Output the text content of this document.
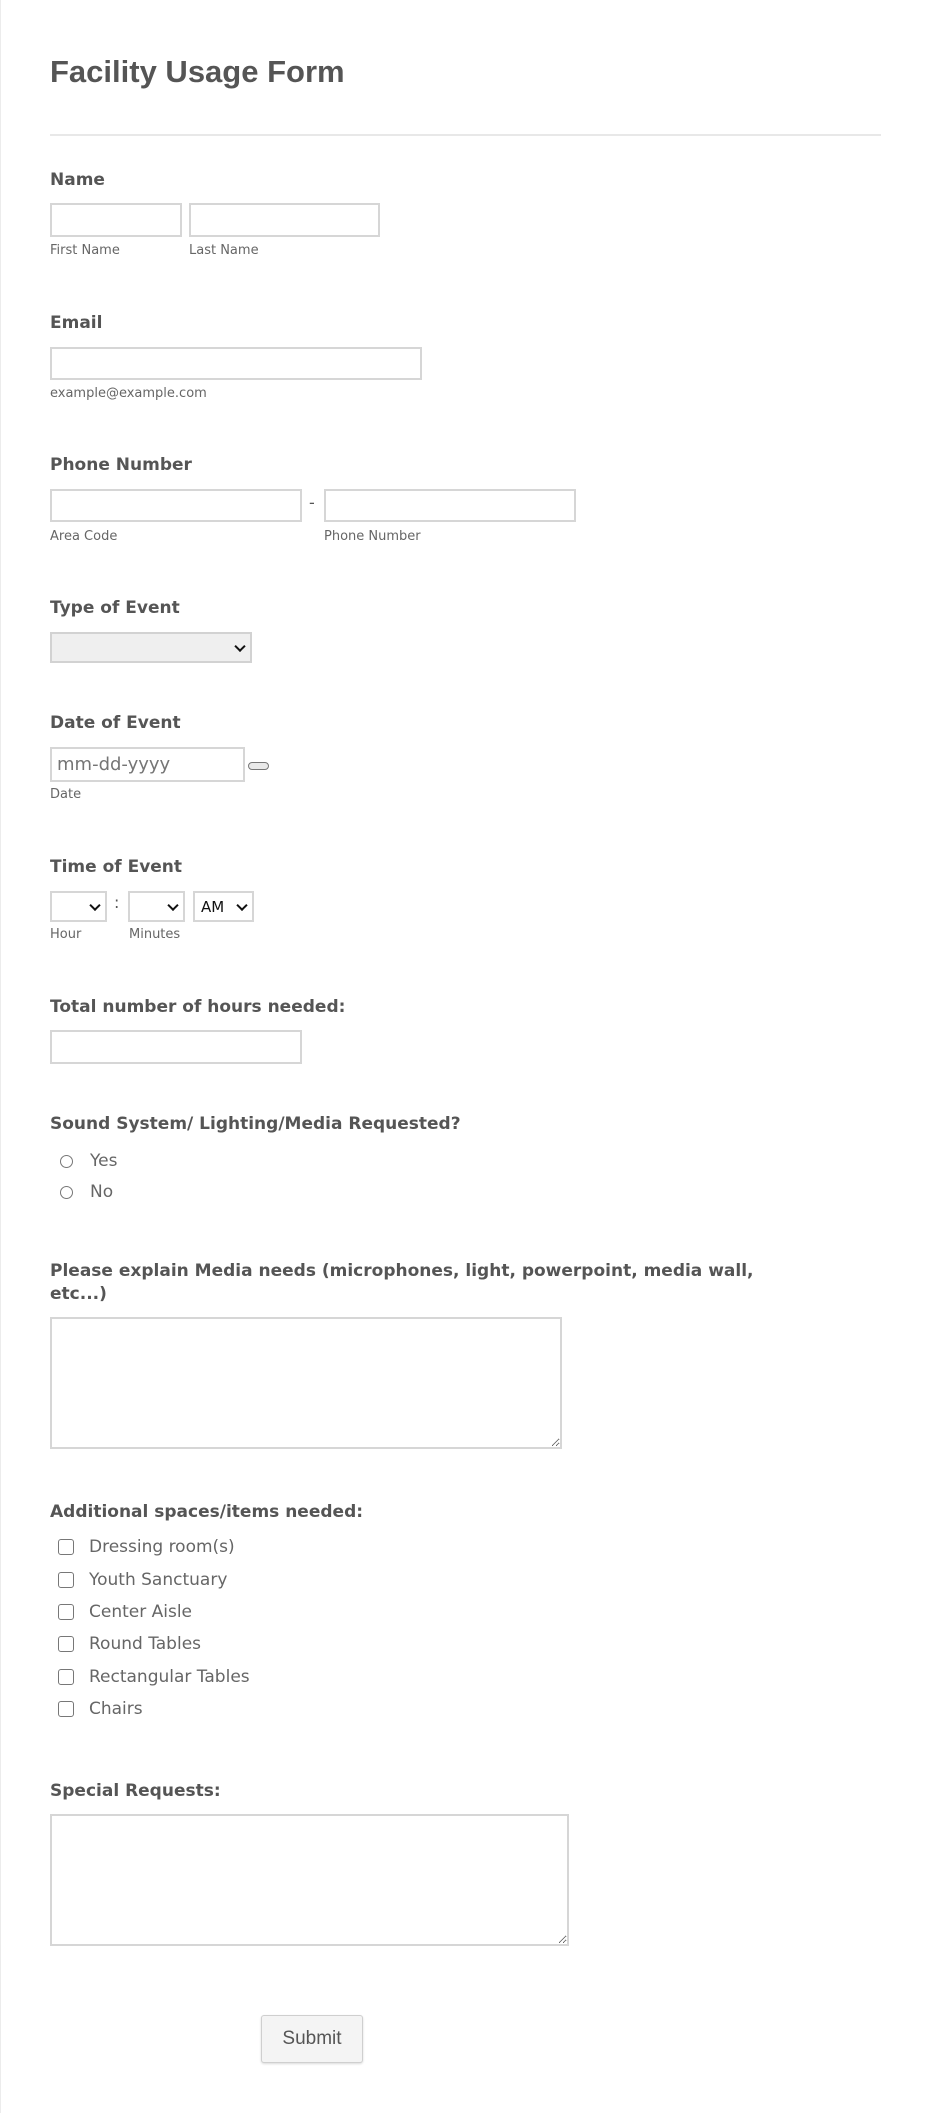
Facility Usage Form
Name
First Name	Last Name
Email
example@example.com
Phone Number
-
Area Code	Phone Number
Type of Event
Date of Event
mm-dd-yyyy
Date
Time of Event
:	AM
Hour	Minutes
Total number of hours needed:
Sound System/ Lighting/Media Requested?
Yes
No
Please explain Media needs (microphones, light, powerpoint, media wall,
etc...)
Additional spaces/items needed:
Dressing room(s)
Youth Sanctuary
Center Aisle
Round Tables
Rectangular Tables
Chairs
Special Requests:
Submit
